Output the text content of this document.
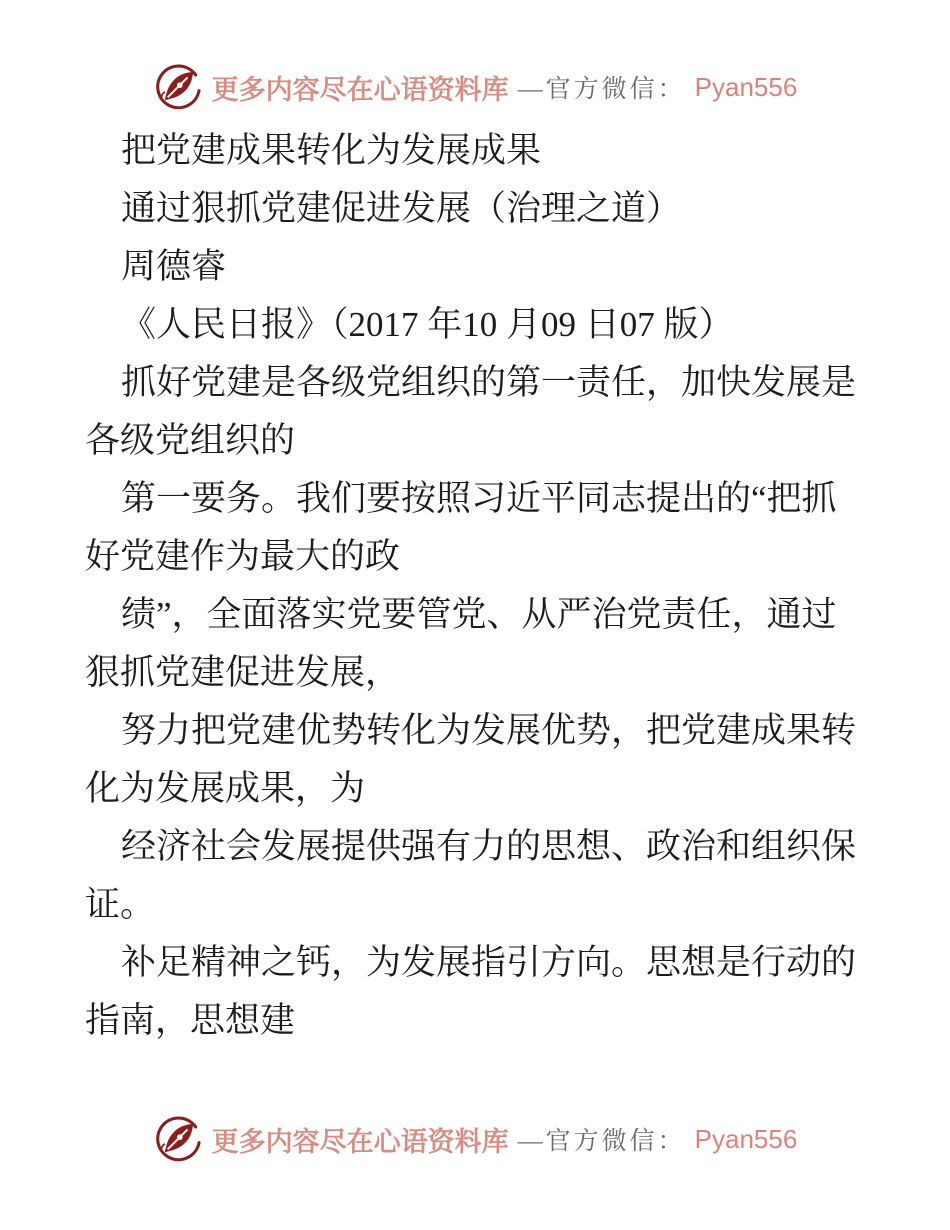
更多内容尽在心语资料库 —官方微信： Pyan556
把党建成果转化为发展成果
通过狠抓党建促进发展（治理之道）
周德睿
《人民日报》（2017 年10 月09 日07 版）
抓好党建是各级党组织的第一责任，加快发展是
各级党组织的
第一要务。我们要按照习近平同志提出的“把抓
好党建作为最大的政
绩”，全面落实党要管党、从严治党责任，通过
狠抓党建促进发展，
努力把党建优势转化为发展优势，把党建成果转
化为发展成果，为
经济社会发展提供强有力的思想、政治和组织保
证。
补足精神之钙，为发展指引方向。思想是行动的
指南，思想建
更多内容尽在心语资料库 —官方微信： Pyan556
